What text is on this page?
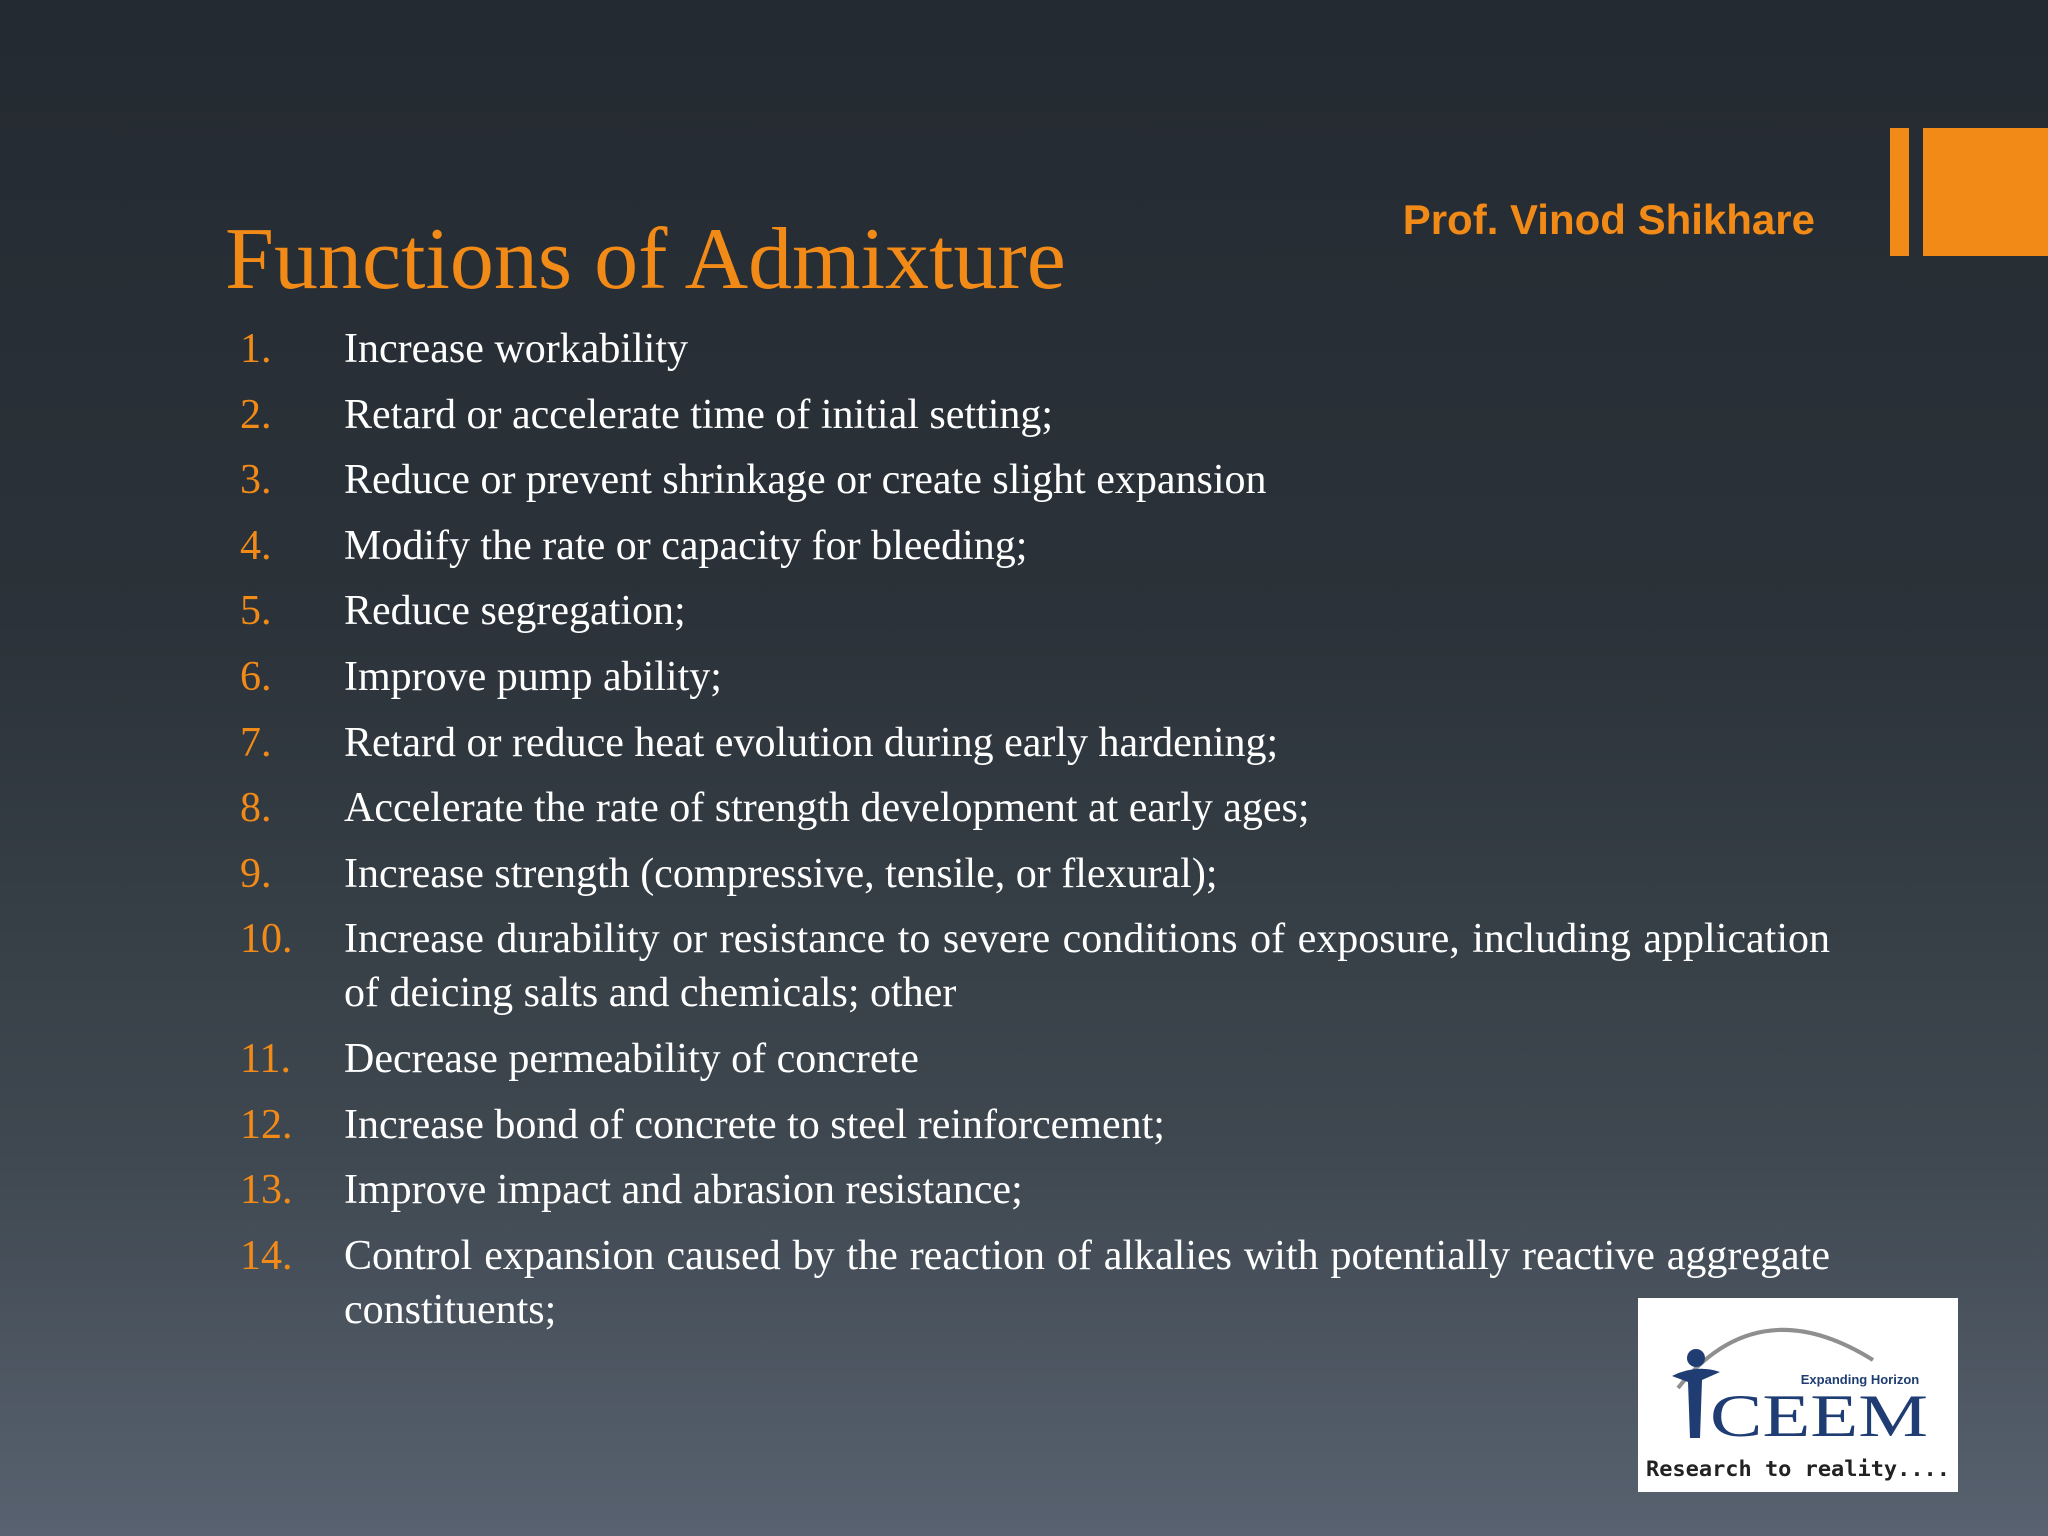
Prof. Vinod Shikhare
Functions of Admixture
1.	Increase workability
2.	Retard or accelerate time of initial setting;
3.	Reduce or prevent shrinkage or create slight expansion
4.	Modify the rate or capacity for bleeding;
5.	Reduce segregation;
6.	Improve pump ability;
7.	Retard or reduce heat evolution during early hardening;
8.	Accelerate the rate of strength development at early ages;
9.	Increase strength (compressive, tensile, or flexural);
10.	Increase durability or resistance to severe conditions of exposure, including application of deicing salts and chemicals; other
11.	Decrease permeability of concrete
12.	Increase bond of concrete to steel reinforcement;
13.	Improve impact and abrasion resistance;
14.	Control expansion caused by the reaction of alkalies with potentially reactive aggregate constituents;
Expanding Horizon
CEEM
Research to reality....
